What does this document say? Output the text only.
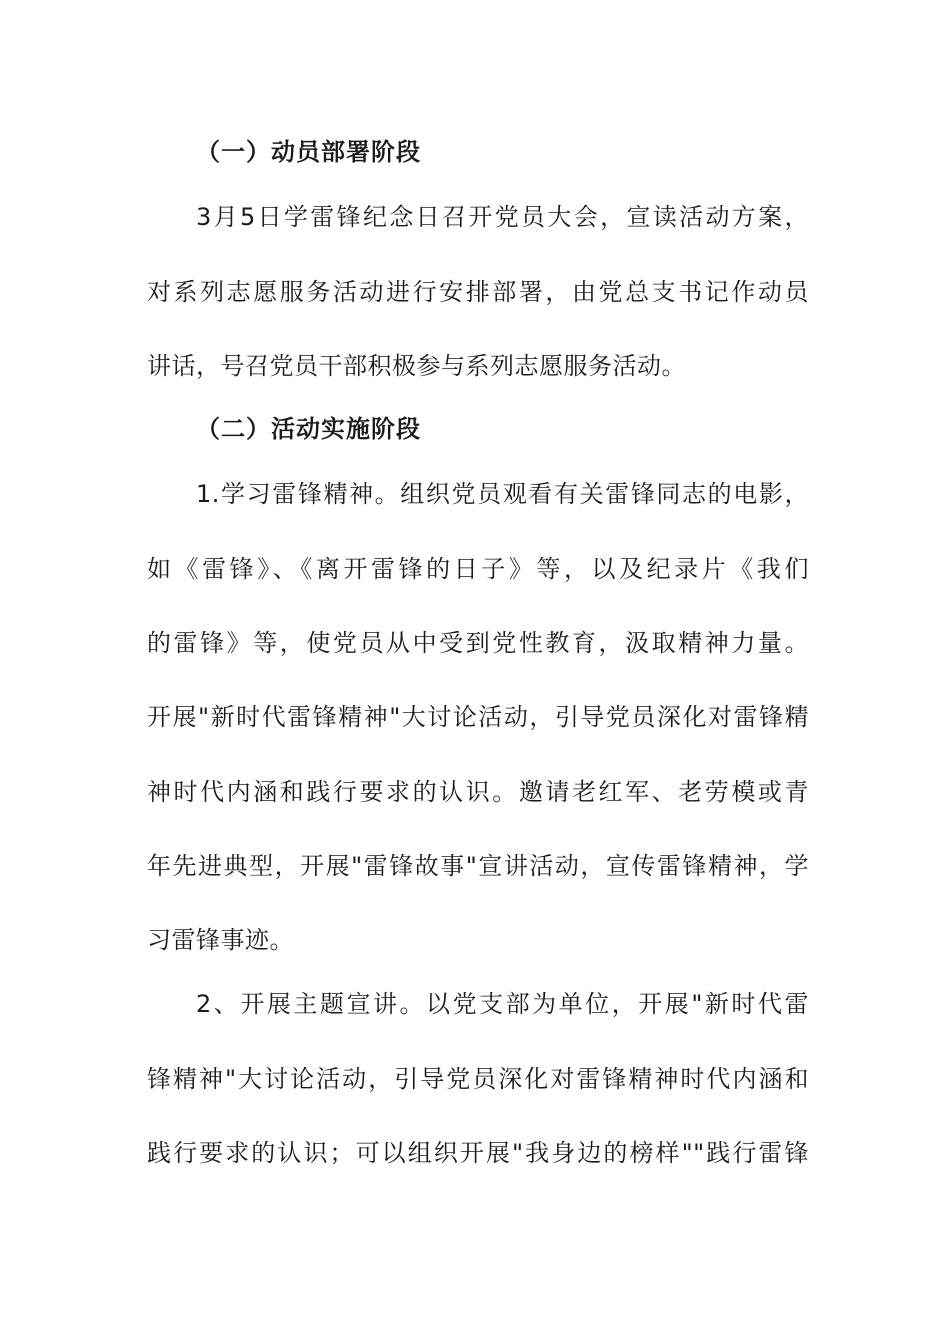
（一）动员部署阶段
3月5日学雷锋纪念日召开党员大会，宣读活动方案，
对系列志愿服务活动进行安排部署，由党总支书记作动员
讲话，号召党员干部积极参与系列志愿服务活动。
（二）活动实施阶段
1.学习雷锋精神。组织党员观看有关雷锋同志的电影，
如《雷锋》、《离开雷锋的日子》等，以及纪录片《我们
的雷锋》等，使党员从中受到党性教育，汲取精神力量。
开展"新时代雷锋精神"大讨论活动，引导党员深化对雷锋精
神时代内涵和践行要求的认识。邀请老红军、老劳模或青
年先进典型，开展"雷锋故事"宣讲活动，宣传雷锋精神，学
习雷锋事迹。
2、开展主题宣讲。以党支部为单位，开展"新时代雷
锋精神"大讨论活动，引导党员深化对雷锋精神时代内涵和
践行要求的认识；可以组织开展"我身边的榜样""践行雷锋
